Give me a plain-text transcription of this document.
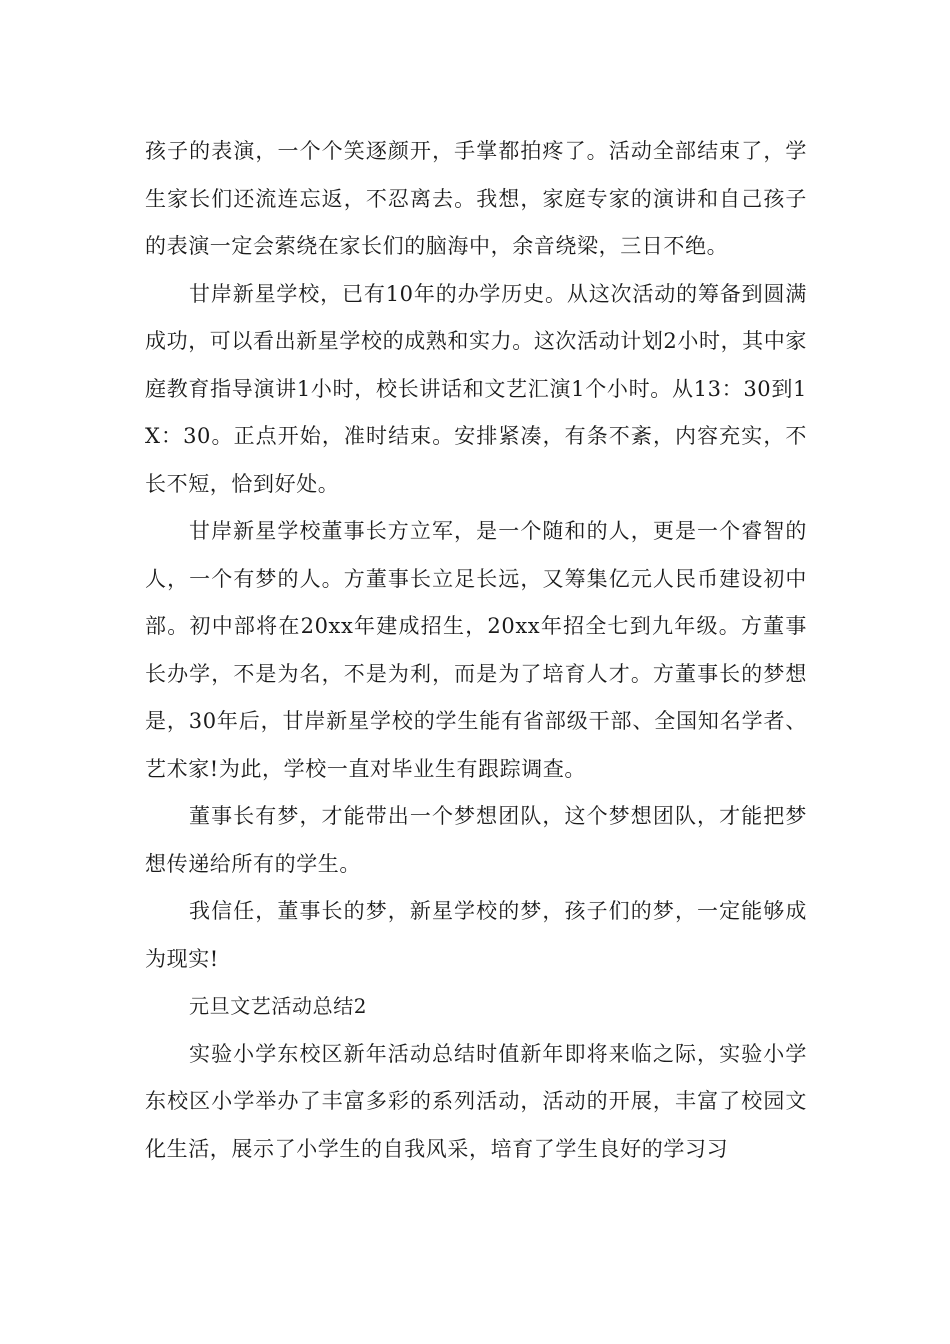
孩子的表演，一个个笑逐颜开，手掌都拍疼了。活动全部结束了，学生家长们还流连忘返，不忍离去。我想，家庭专家的演讲和自己孩子的表演一定会萦绕在家长们的脑海中，余音绕梁，三日不绝。

甘岸新星学校，已有10年的办学历史。从这次活动的筹备到圆满成功，可以看出新星学校的成熟和实力。这次活动计划2小时，其中家庭教育指导演讲1小时，校长讲话和文艺汇演1个小时。从13：30到1X：30。正点开始，准时结束。安排紧凑，有条不紊，内容充实，不长不短，恰到好处。

甘岸新星学校董事长方立军，是一个随和的人，更是一个睿智的人，一个有梦的人。方董事长立足长远，又筹集亿元人民币建设初中部。初中部将在20xx年建成招生，20xx年招全七到九年级。方董事长办学，不是为名，不是为利，而是为了培育人才。方董事长的梦想是，30年后，甘岸新星学校的学生能有省部级干部、全国知名学者、艺术家!为此，学校一直对毕业生有跟踪调查。

董事长有梦，才能带出一个梦想团队，这个梦想团队，才能把梦想传递给所有的学生。

我信任，董事长的梦，新星学校的梦，孩子们的梦，一定能够成为现实!

元旦文艺活动总结2

实验小学东校区新年活动总结时值新年即将来临之际，实验小学东校区小学举办了丰富多彩的系列活动，活动的开展，丰富了校园文化生活，展示了小学生的自我风采，培育了学生良好的学习习
